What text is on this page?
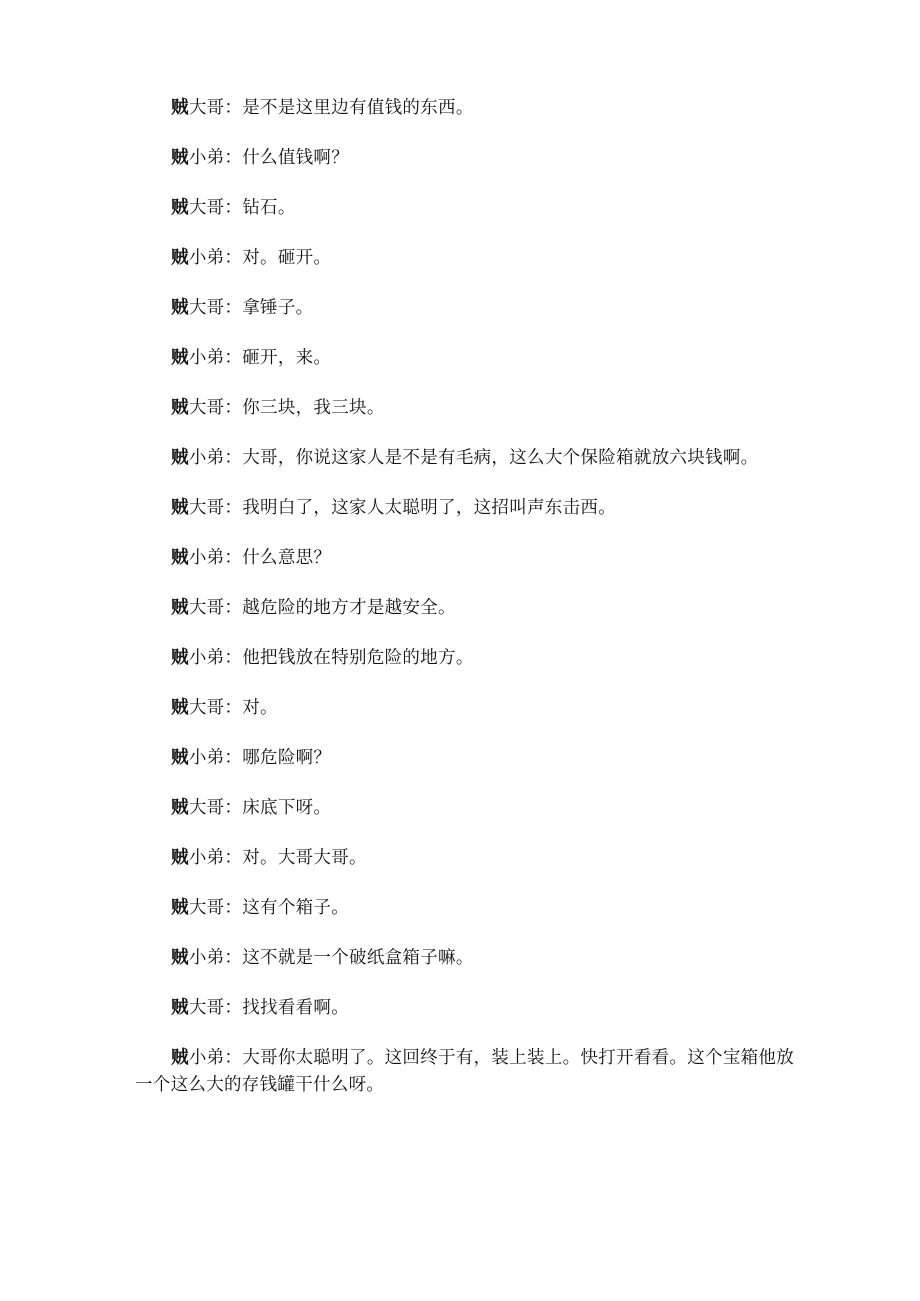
贼大哥：是不是这里边有值钱的东西。

贼小弟：什么值钱啊？

贼大哥：钻石。

贼小弟：对。砸开。

贼大哥：拿锤子。

贼小弟：砸开，来。

贼大哥：你三块，我三块。

贼小弟：大哥，你说这家人是不是有毛病，这么大个保险箱就放六块钱啊。

贼大哥：我明白了，这家人太聪明了，这招叫声东击西。

贼小弟：什么意思？

贼大哥：越危险的地方才是越安全。

贼小弟：他把钱放在特别危险的地方。

贼大哥：对。

贼小弟：哪危险啊？

贼大哥：床底下呀。

贼小弟：对。大哥大哥。

贼大哥：这有个箱子。

贼小弟：这不就是一个破纸盒箱子嘛。

贼大哥：找找看看啊。

贼小弟：大哥你太聪明了。这回终于有，装上装上。快打开看看。这个宝箱他放一个这么大的存钱罐干什么呀。
